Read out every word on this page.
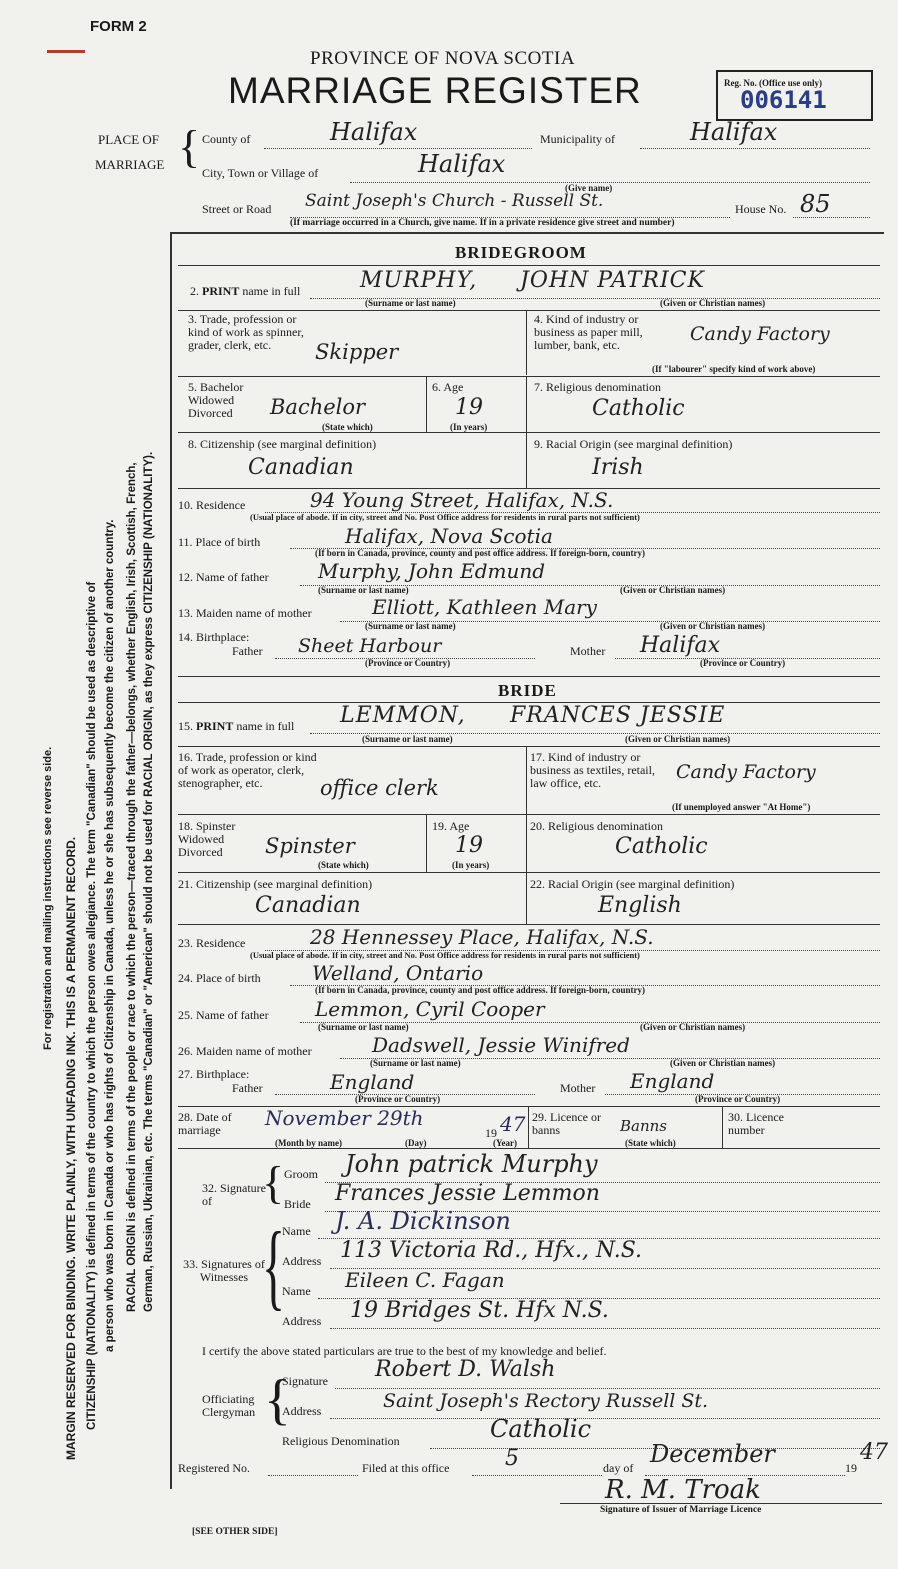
FORM 2
PROVINCE OF NOVA SCOTIA
MARRIAGE REGISTER	Reg. No. (Office use only)
006141
For registration and mailing instructions see reverse side. MARGIN RESERVED FOR BINDING. WRITE PLAINLY, WITH UNFADING INK. THIS IS A PERMANENT RECORD. CITIZENSHIP (NATIONALITY) is defined in terms of the country to which the person owes allegiance. The term "Canadian" should be used as descriptive of a person who was born in Canada or who has rights of Citizenship in Canada, unless he or she has subsequently become the citizen of another country. RACIAL ORIGIN is defined in terms of the people or race to which the person—traced through the father—belongs, whether English, Irish, Scottish, French, German, Russian, Ukrainian, etc. The terms "Canadian" or "American" should not be used for RACIAL ORIGIN, as they express CITIZENSHIP (NATIONALITY).
PLACE OF
MARRIAGE { County of	Halifax	Municipality of	Halifax
City, Town or Village of	Halifax
(Give name)
Street or Road Saint Joseph's Church - Russell St.	House No. 85
(If marriage occurred in a Church, give name. If in a private residence give street and number)
BRIDEGROOM
2. PRINT name in full	MURPHY, JOHN PATRICK
(Surname or last name)	(Given or Christian names)
3. Trade, profession or kind of work as spinner, grader, clerk, etc.	Skipper
4. Kind of industry or business as paper mill, lumber, bank, etc.	Candy Factory
(If "labourer" specify kind of work above)
5. Bachelor Widowed Divorced	Bachelor
(State which)
6. Age
19
(In years)
7. Religious denomination
Catholic
8. Citizenship (see marginal definition)
Canadian
9. Racial Origin (see marginal definition)
Irish
10. Residence	94 Young Street, Halifax, N.S.
(Usual place of abode. If in city, street and No. Post Office address for residents in rural parts not sufficient)
11. Place of birth	Halifax, Nova Scotia
(If born in Canada, province, county and post office address. If foreign-born, country)
12. Name of father Murphy, John Edmund
(Surname or last name)	(Given or Christian names)
13. Maiden name of mother	Elliott, Kathleen Mary
(Surname or last name)	(Given or Christian names)
14. Birthplace:
Father Sheet Harbour
(Province or Country)
Mother Halifax
(Province or Country)
BRIDE
15. PRINT name in full LEMMON, FRANCES JESSIE
(Surname or last name)	(Given or Christian names)
16. Trade, profession or kind of work as operator, clerk, stenographer, etc.	office clerk
17. Kind of industry or business as textiles, retail, law office, etc.	Candy Factory
(If unemployed answer "At Home")
18. Spinster Widowed Divorced	Spinster
(State which)
19. Age
19
(In years)
20. Religious denomination
Catholic
21. Citizenship (see marginal definition)
Canadian
22. Racial Origin (see marginal definition)
English
23. Residence	28 Hennessey Place, Halifax, N.S.
(Usual place of abode. If in city, street and No. Post Office address for residents in rural parts not sufficient)
24. Place of birth	Welland, Ontario
(If born in Canada, province, county and post office address. If foreign-born, country)
25. Name of father Lemmon, Cyril Cooper
(Surname or last name)	(Given or Christian names)
26. Maiden name of mother	Dadswell, Jessie Winifred
(Surname or last name)	(Given or Christian names)
27. Birthplace:
Father	England
(Province or Country)
Mother England
(Province or Country)
28. Date of marriage	November 29th
19 47
(Month by name)	(Day)	(Year)
29. Licence or banns	Banns
(State which)
30. Licence number
32. Signature of	{ Groom John patrick Murphy
Bride Frances Jessie Lemmon
33. Signatures of Witnesses {
Name J. A. Dickinson
Address 113 Victoria Rd., Hfx., N.S.
Name Eileen C. Fagan
Address 19 Bridges St. Hfx N.S.
I certify the above stated particulars are true to the best of my knowledge and belief.
Officiating Clergyman {
Signature Robert D. Walsh
Address	Saint Joseph's Rectory Russell St.
Religious Denomination	Catholic
Registered No.	Filed at this office	5	day of December	19
47
R. M. Troak
Signature of Issuer of Marriage Licence
[SEE OTHER SIDE]
